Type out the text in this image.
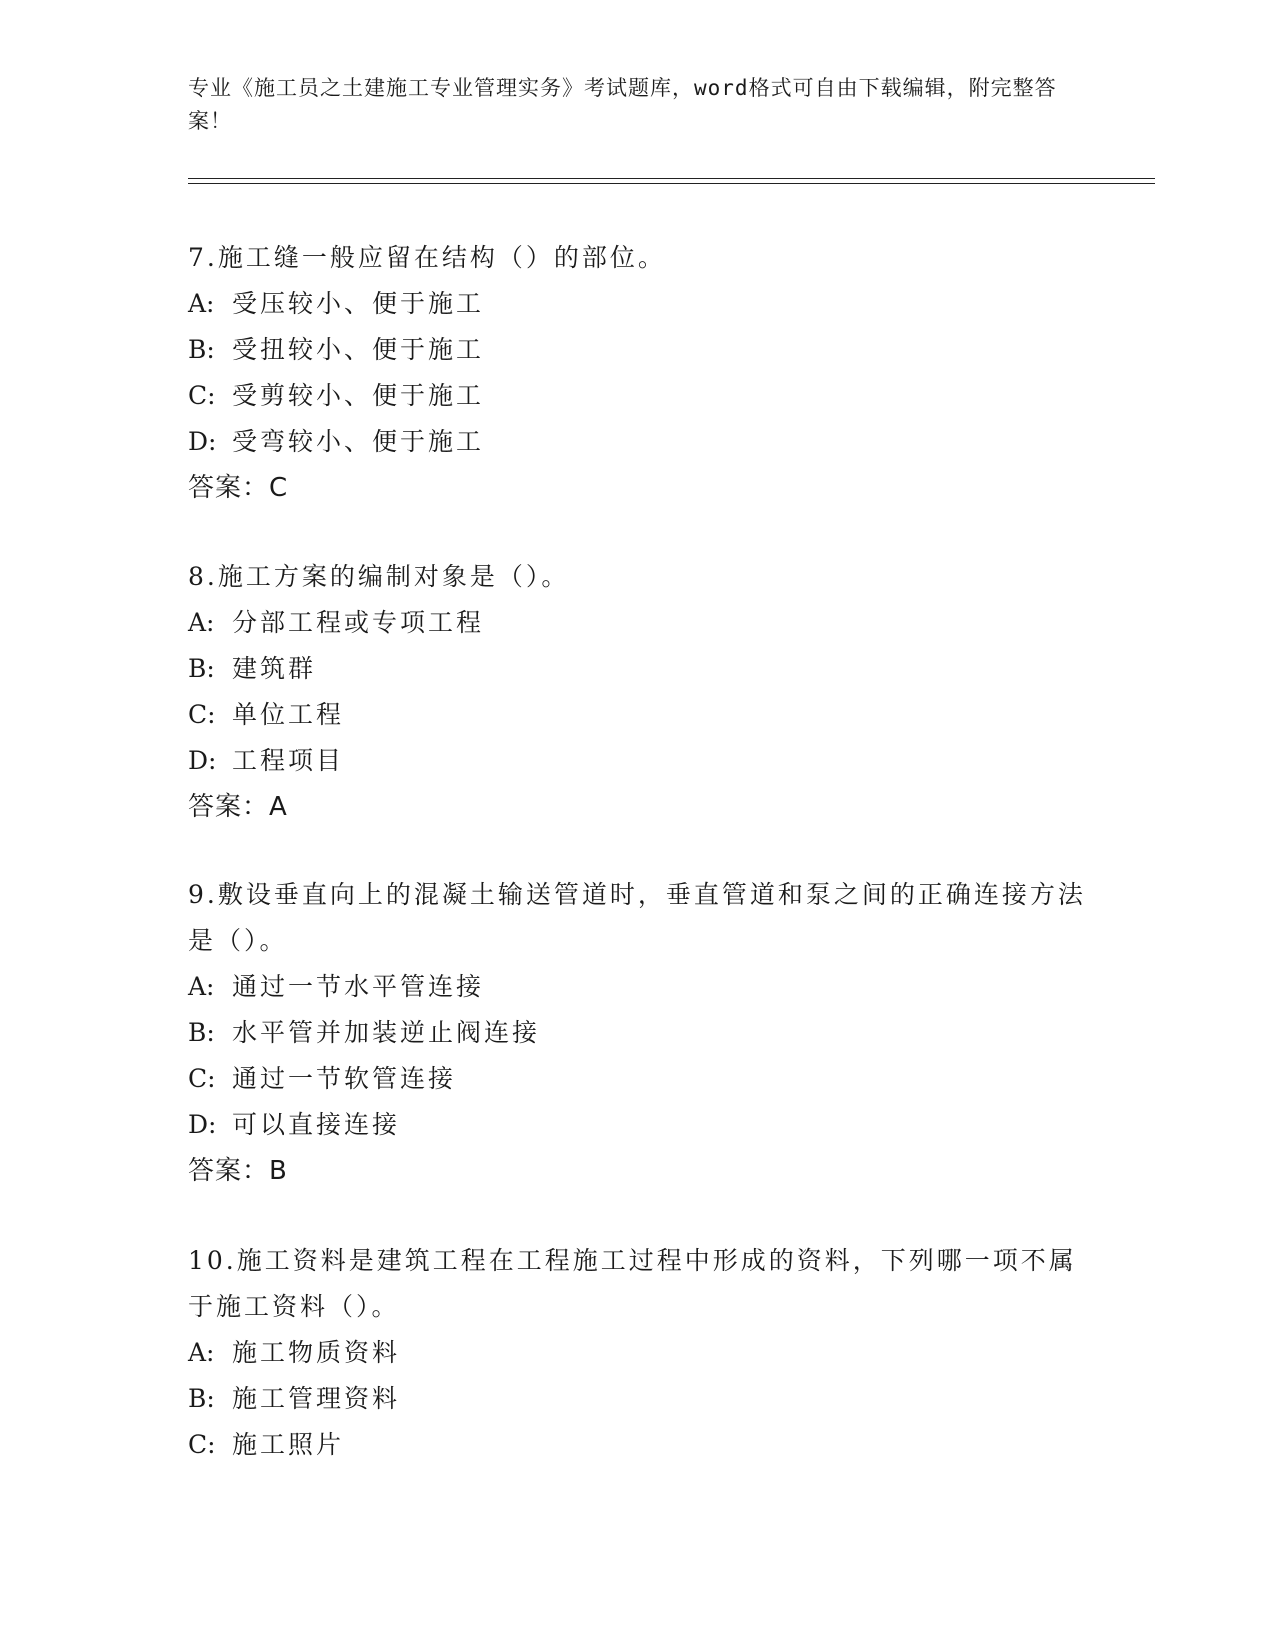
专业《施工员之土建施工专业管理实务》考试题库，word格式可自由下载编辑，附完整答案！
7.施工缝一般应留在结构（）的部位。
A: 受压较小、便于施工
B: 受扭较小、便于施工
C: 受剪较小、便于施工
D: 受弯较小、便于施工
答案：C
8.施工方案的编制对象是（）。
A: 分部工程或专项工程
B: 建筑群
C: 单位工程
D: 工程项目
答案：A
9.敷设垂直向上的混凝土输送管道时，垂直管道和泵之间的正确连接方法是（）。
A: 通过一节水平管连接
B: 水平管并加装逆止阀连接
C: 通过一节软管连接
D: 可以直接连接
答案：B
10.施工资料是建筑工程在工程施工过程中形成的资料，下列哪一项不属于施工资料（）。
A: 施工物质资料
B: 施工管理资料
C: 施工照片
